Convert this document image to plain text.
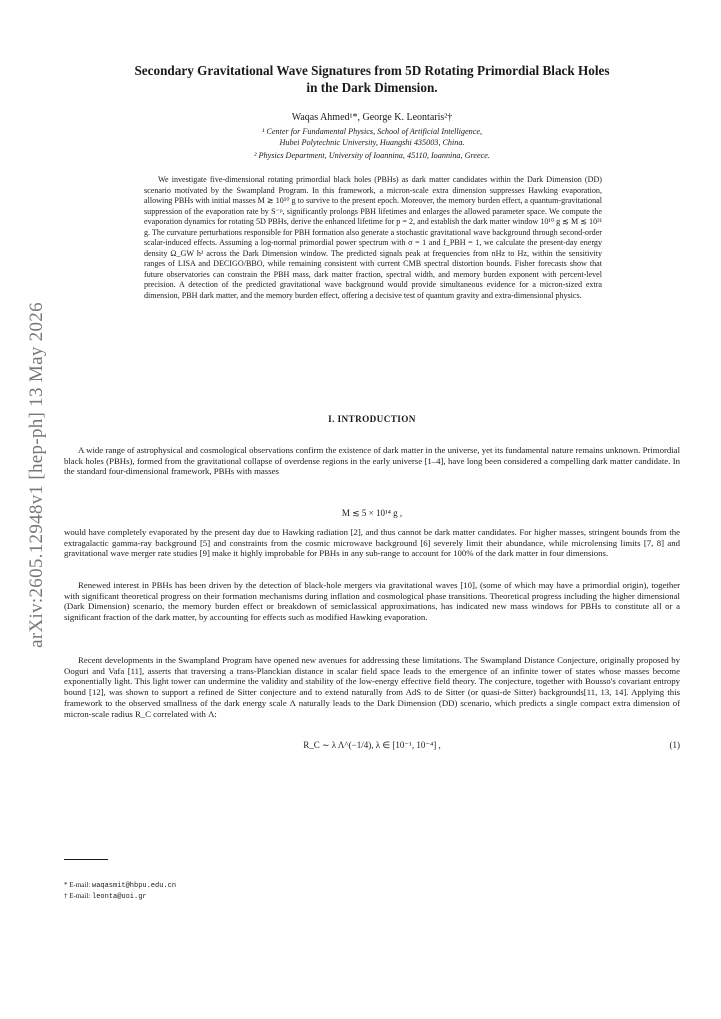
arXiv:2605.12948v1 [hep-ph] 13 May 2026
Secondary Gravitational Wave Signatures from 5D Rotating Primordial Black Holes
in the Dark Dimension.
Waqas Ahmed¹*, George K. Leontaris²†
¹ Center for Fundamental Physics, School of Artificial Intelligence,
Hubei Polytechnic University, Huangshi 435003, China.
² Physics Department, University of Ioannina, 45110, Ioannina, Greece.
We investigate five-dimensional rotating primordial black holes (PBHs) as dark matter candidates within the Dark Dimension (DD) scenario motivated by the Swampland Program. In this framework, a micron-scale extra dimension suppresses Hawking evaporation, allowing PBHs with initial masses M ≳ 10¹⁰ g to survive to the present epoch. Moreover, the memory burden effect, a quantum-gravitational suppression of the evaporation rate by S⁻ᵖ, significantly prolongs PBH lifetimes and enlarges the allowed parameter space. We compute the evaporation dynamics for rotating 5D PBHs, derive the enhanced lifetime for p = 2, and establish the dark matter window 10¹⁰ g ≲ M ≲ 10²¹ g. The curvature perturbations responsible for PBH formation also generate a stochastic gravitational wave background through second-order scalar-induced effects. Assuming a log-normal primordial power spectrum with σ = 1 and f_PBH = 1, we calculate the present-day energy density Ω_GW h² across the Dark Dimension window. The predicted signals peak at frequencies from nHz to Hz, within the sensitivity ranges of LISA and DECIGO/BBO, while remaining consistent with current CMB spectral distortion bounds. Fisher forecasts show that future observatories can constrain the PBH mass, dark matter fraction, spectral width, and memory burden exponent with percent-level precision. A detection of the predicted gravitational wave background would provide simultaneous evidence for a micron-sized extra dimension, PBH dark matter, and the memory burden effect, offering a decisive test of quantum gravity and extra-dimensional physics.
I. INTRODUCTION
A wide range of astrophysical and cosmological observations confirm the existence of dark matter in the universe, yet its fundamental nature remains unknown. Primordial black holes (PBHs), formed from the gravitational collapse of overdense regions in the early universe [1–4], have long been considered a compelling dark matter candidate. In the standard four-dimensional framework, PBHs with masses
M ≲ 5 × 10¹⁴ g ,
would have completely evaporated by the present day due to Hawking radiation [2], and thus cannot be dark matter candidates. For higher masses, stringent bounds from the extragalactic gamma-ray background [5] and constraints from the cosmic microwave background [6] severely limit their abundance, while microlensing limits [7, 8] and gravitational wave merger rate studies [9] make it highly improbable for PBHs in any sub-range to account for 100% of the dark matter in four dimensions.
Renewed interest in PBHs has been driven by the detection of black-hole mergers via gravitational waves [10], (some of which may have a primordial origin), together with significant theoretical progress on their formation mechanisms during inflation and cosmological phase transitions. Theoretical progress including the higher dimensional (Dark Dimension) scenario, the memory burden effect or breakdown of semiclassical approximations, has indicated new mass windows for PBHs to constitute all or a significant fraction of the dark matter, by accounting for effects such as modified Hawking evaporation.
Recent developments in the Swampland Program have opened new avenues for addressing these limitations. The Swampland Distance Conjecture, originally proposed by Ooguri and Vafa [11], asserts that traversing a trans-Planckian distance in scalar field space leads to the emergence of an infinite tower of states whose masses become exponentially light. This light tower can undermine the validity and stability of the low-energy effective field theory. The conjecture, together with Bousso's covariant entropy bound [12], was shown to support a refined de Sitter conjecture and to extend naturally from AdS to de Sitter (or quasi-de Sitter) backgrounds[11, 13, 14]. Applying this framework to the observed smallness of the dark energy scale Λ naturally leads to the Dark Dimension (DD) scenario, which predicts a single compact extra dimension of micron-scale radius R_C correlated with Λ:
R_C ∼ λ Λ^(−1/4), λ ∈ [10⁻¹, 10⁻⁴] ,	(1)
* E-mail: waqasmit@hbpu.edu.cn
† E-mail: leonta@uoi.gr
